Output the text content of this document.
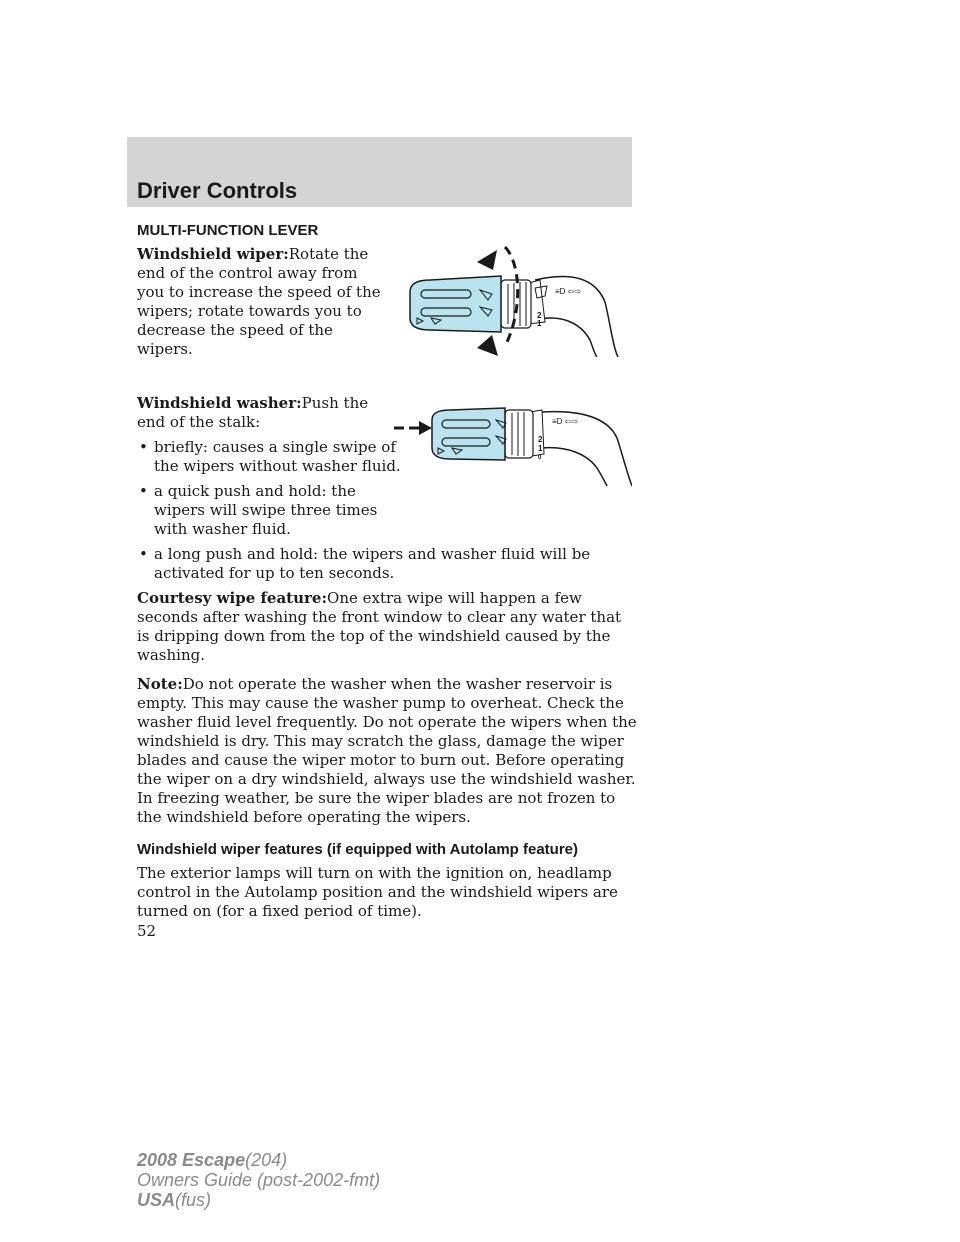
Driver Controls
MULTI-FUNCTION LEVER

Windshield wiper:Rotate the end of the control away from you to increase the speed of the wipers; rotate towards you to decrease the speed of the wipers.

Windshield washer:Push the end of the stalk:

• briefly: causes a single swipe of the wipers without washer fluid.
• a quick push and hold: the wipers will swipe three times with washer fluid.
• a long push and hold: the wipers and washer fluid will be activated for up to ten seconds.

Courtesy wipe feature:One extra wipe will happen a few seconds after washing the front window to clear any water that is dripping down from the top of the windshield caused by the washing.

Note:Do not operate the washer when the washer reservoir is empty. This may cause the washer pump to overheat. Check the washer fluid level frequently. Do not operate the wipers when the windshield is dry. This may scratch the glass, damage the wiper blades and cause the wiper motor to burn out. Before operating the wiper on a dry windshield, always use the windshield washer. In freezing weather, be sure the wiper blades are not frozen to the windshield before operating the wipers.

Windshield wiper features (if equipped with Autolamp feature)

The exterior lamps will turn on with the ignition on, headlamp control in the Autolamp position and the windshield wipers are turned on (for a fixed period of time).

≡D ⇦⇨
2
1
≡D ⇦⇨
2
1
0

52

2008 Escape(204)
Owners Guide (post-2002-fmt)
USA(fus)
